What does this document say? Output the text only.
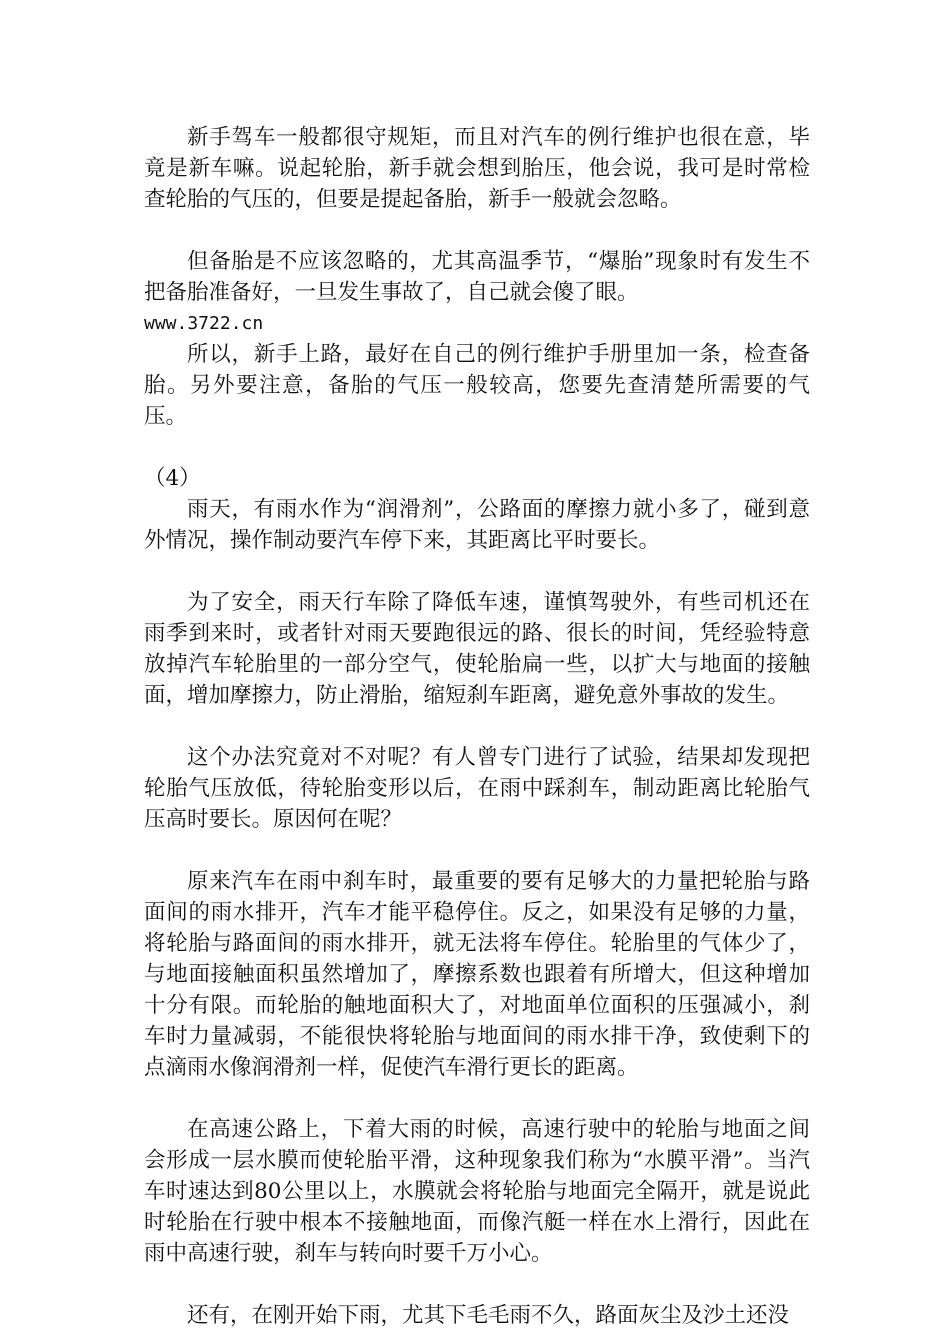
新手驾车一般都很守规矩，而且对汽车的例行维护也很在意，毕竟是新车嘛。说起轮胎，新手就会想到胎压，他会说，我可是时常检查轮胎的气压的，但要是提起备胎，新手一般就会忽略。

但备胎是不应该忽略的，尤其高温季节，“爆胎”现象时有发生不把备胎准备好，一旦发生事故了，自己就会傻了眼。

www.3722.cn

所以，新手上路，最好在自己的例行维护手册里加一条，检查备胎。另外要注意，备胎的气压一般较高，您要先查清楚所需要的气压。

（4）

雨天，有雨水作为“润滑剂”，公路面的摩擦力就小多了，碰到意外情况，操作制动要汽车停下来，其距离比平时要长。

为了安全，雨天行车除了降低车速，谨慎驾驶外，有些司机还在雨季到来时，或者针对雨天要跑很远的路、很长的时间，凭经验特意放掉汽车轮胎里的一部分空气，使轮胎扁一些，以扩大与地面的接触面，增加摩擦力，防止滑胎，缩短刹车距离，避免意外事故的发生。

这个办法究竟对不对呢？有人曾专门进行了试验，结果却发现把轮胎气压放低，待轮胎变形以后，在雨中踩刹车，制动距离比轮胎气压高时要长。原因何在呢？

原来汽车在雨中刹车时，最重要的要有足够大的力量把轮胎与路面间的雨水排开，汽车才能平稳停住。反之，如果没有足够的力量，将轮胎与路面间的雨水排开，就无法将车停住。轮胎里的气体少了，与地面接触面积虽然增加了，摩擦系数也跟着有所增大，但这种增加十分有限。而轮胎的触地面积大了，对地面单位面积的压强减小，刹车时力量减弱，不能很快将轮胎与地面间的雨水排干净，致使剩下的点滴雨水像润滑剂一样，促使汽车滑行更长的距离。

在高速公路上，下着大雨的时候，高速行驶中的轮胎与地面之间会形成一层水膜而使轮胎平滑，这种现象我们称为“水膜平滑”。当汽车时速达到80公里以上，水膜就会将轮胎与地面完全隔开，就是说此时轮胎在行驶中根本不接触地面，而像汽艇一样在水上滑行，因此在雨中高速行驶，刹车与转向时要千万小心。

还有，在刚开始下雨，尤其下毛毛雨不久，路面灰尘及沙土还没
